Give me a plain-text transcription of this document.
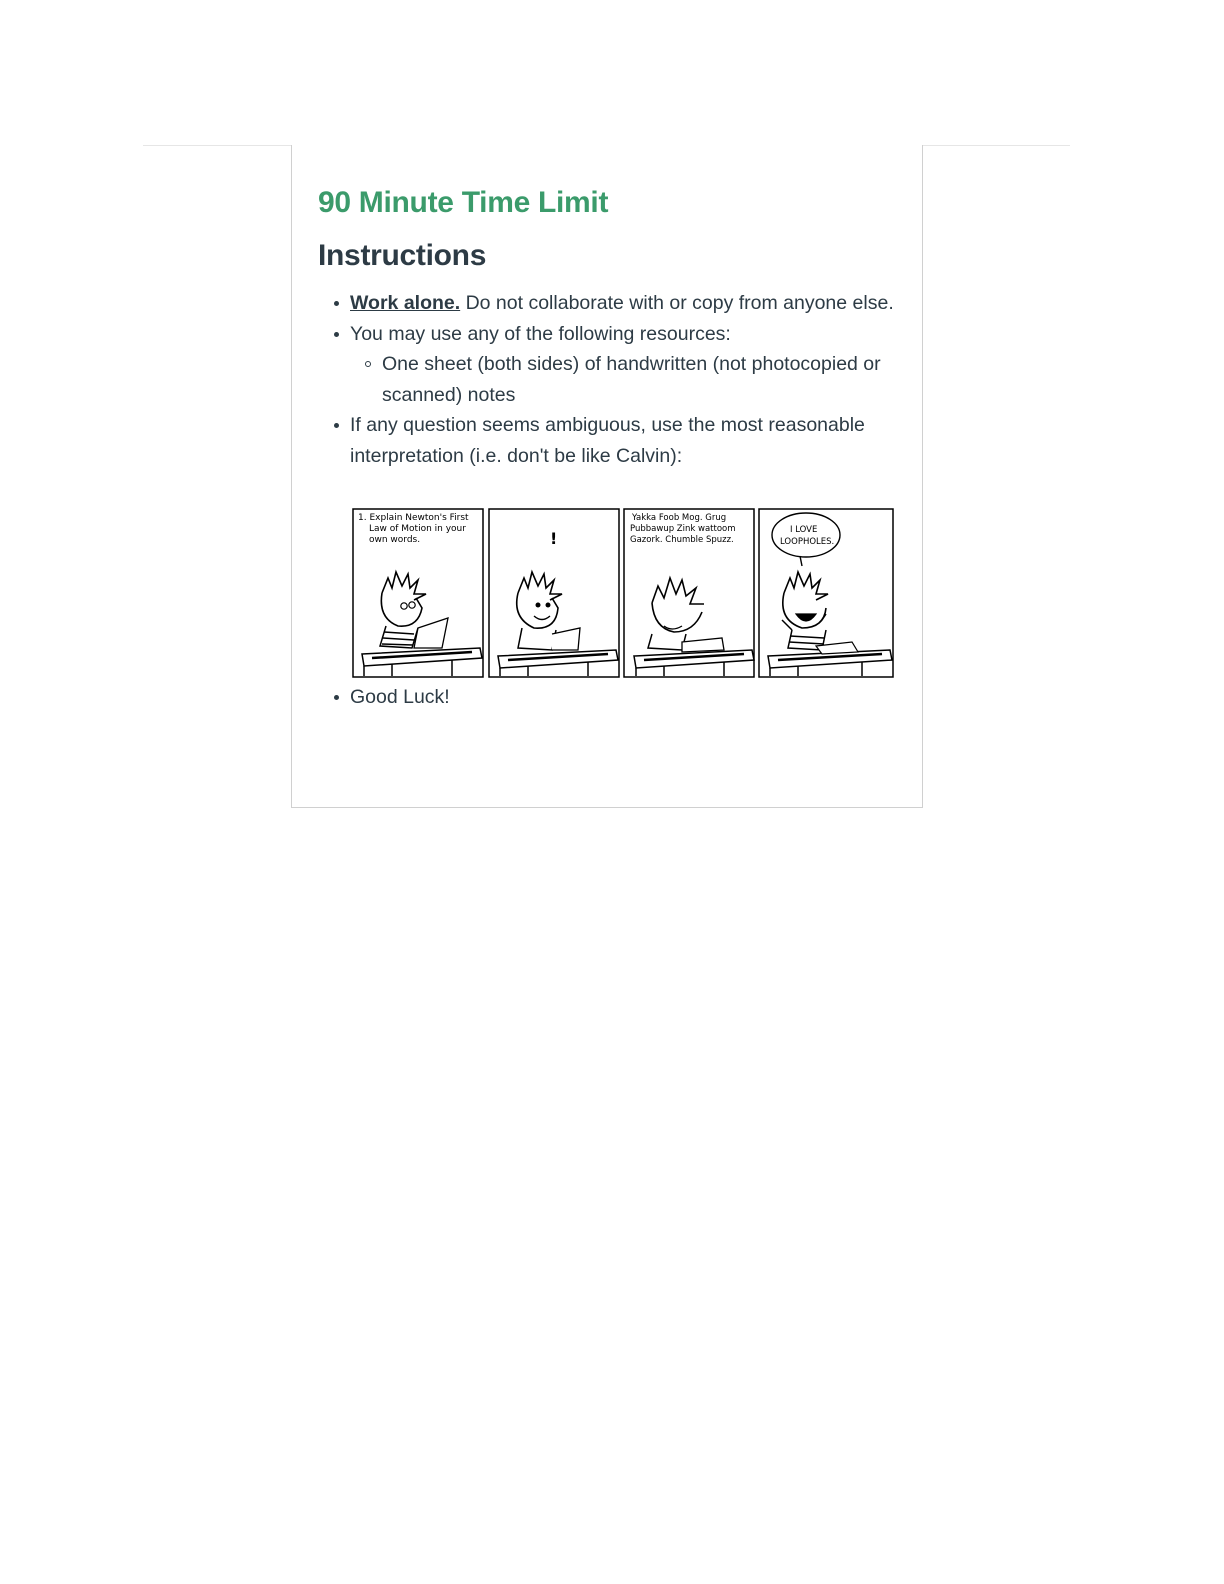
90 Minute Time Limit
Instructions
Work alone. Do not collaborate with or copy from anyone else.
You may use any of the following resources:
One sheet (both sides) of handwritten (not photocopied or scanned) notes
If any question seems ambiguous, use the most reasonable interpretation (i.e. don't be like Calvin):
1. Explain Newton's First
Law of Motion in your
own words.	!
Yakka Foob Mog. Grug
Pubbawup Zink wattoom
Gazork. Chumble Spuzz.
I LOVE
LOOPHOLES.
Good Luck!
